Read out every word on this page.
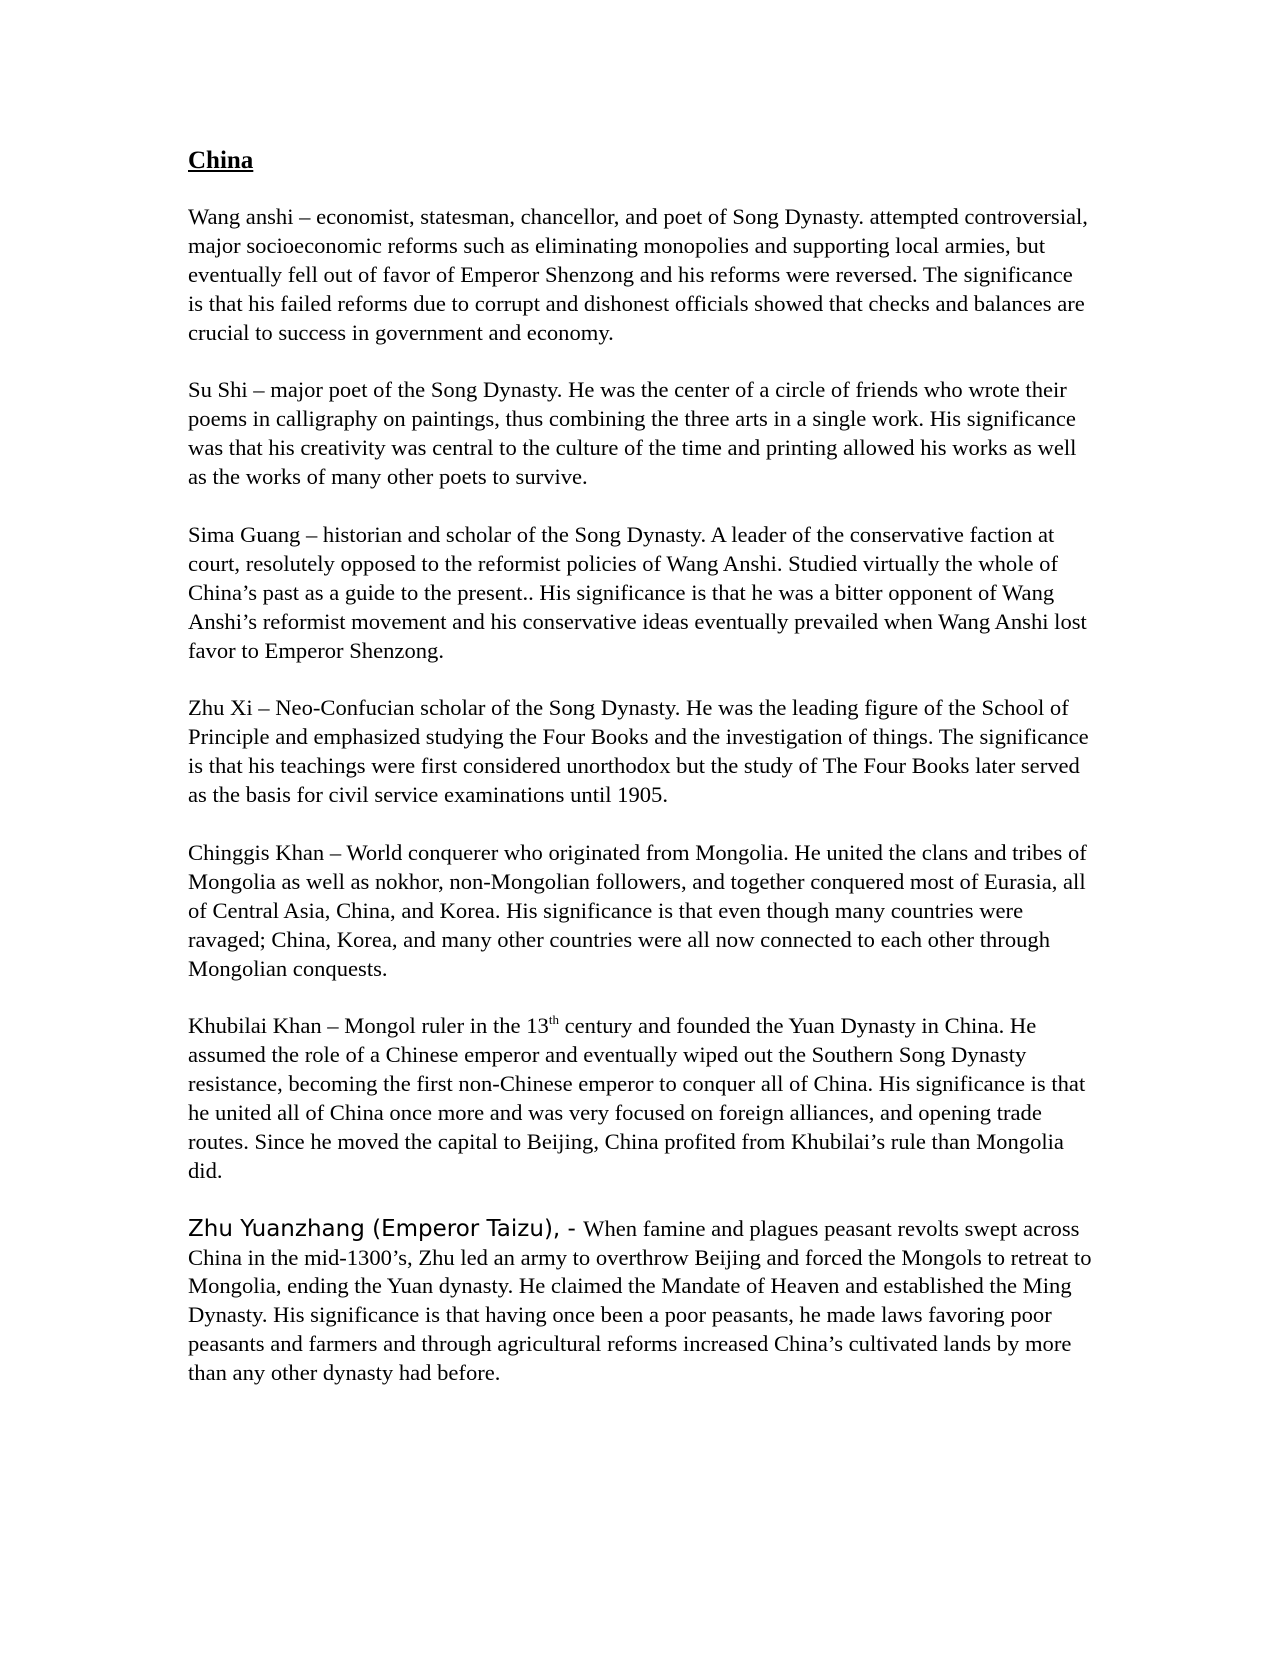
China

Wang anshi – economist, statesman, chancellor, and poet of Song Dynasty. attempted controversial, major socioeconomic reforms such as eliminating monopolies and supporting local armies, but eventually fell out of favor of Emperor Shenzong and his reforms were reversed. The significance is that his failed reforms due to corrupt and dishonest officials showed that checks and balances are crucial to success in government and economy.

Su Shi – major poet of the Song Dynasty. He was the center of a circle of friends who wrote their poems in calligraphy on paintings, thus combining the three arts in a single work. His significance was that his creativity was central to the culture of the time and printing allowed his works as well as the works of many other poets to survive.

Sima Guang – historian and scholar of the Song Dynasty. A leader of the conservative faction at court, resolutely opposed to the reformist policies of Wang Anshi. Studied virtually the whole of China’s past as a guide to the present.. His significance is that he was a bitter opponent of Wang Anshi’s reformist movement and his conservative ideas eventually prevailed when Wang Anshi lost favor to Emperor Shenzong.

Zhu Xi – Neo-Confucian scholar of the Song Dynasty. He was the leading figure of the School of Principle and emphasized studying the Four Books and the investigation of things. The significance is that his teachings were first considered unorthodox but the study of The Four Books later served as the basis for civil service examinations until 1905.

Chinggis Khan – World conquerer who originated from Mongolia. He united the clans and tribes of Mongolia as well as nokhor, non-Mongolian followers, and together conquered most of Eurasia, all of Central Asia, China, and Korea. His significance is that even though many countries were ravaged; China, Korea, and many other countries were all now connected to each other through Mongolian conquests.

Khubilai Khan – Mongol ruler in the 13th century and founded the Yuan Dynasty in China. He assumed the role of a Chinese emperor and eventually wiped out the Southern Song Dynasty resistance, becoming the first non-Chinese emperor to conquer all of China. His significance is that he united all of China once more and was very focused on foreign alliances, and opening trade routes. Since he moved the capital to Beijing, China profited from Khubilai’s rule than Mongolia did.

Zhu Yuanzhang (Emperor Taizu), - When famine and plagues peasant revolts swept across China in the mid-1300’s, Zhu led an army to overthrow Beijing and forced the Mongols to retreat to Mongolia, ending the Yuan dynasty. He claimed the Mandate of Heaven and established the Ming Dynasty. His significance is that having once been a poor peasants, he made laws favoring poor peasants and farmers and through agricultural reforms increased China’s cultivated lands by more than any other dynasty had before.
